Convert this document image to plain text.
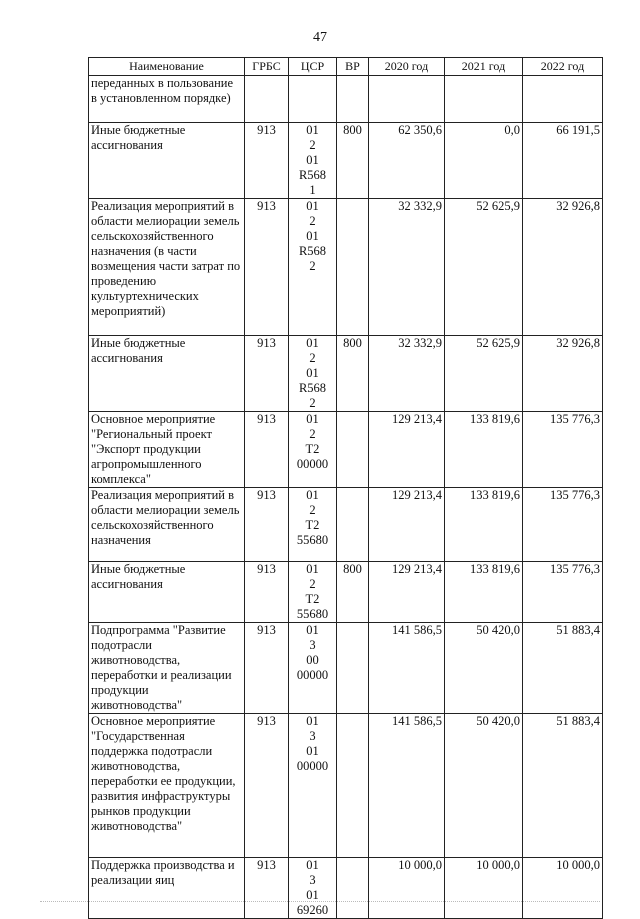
47
Наименование	ГРБС	ЦСР	ВР	2020 год	2021 год	2022 год
переданных в пользование в установленном порядке)						
Иные бюджетные ассигнования	913	01 2 01 R568 1	800	62 350,6	0,0	66 191,5
Реализация мероприятий в области мелиорации земель сельскохозяйственного назначения (в части возмещения части затрат по проведению культуртехнических мероприятий)	913	01 2 01 R568 2		32 332,9	52 625,9	32 926,8
Иные бюджетные ассигнования	913	01 2 01 R568 2	800	32 332,9	52 625,9	32 926,8
Основное мероприятие "Региональный проект "Экспорт продукции агропромышленного комплекса"	913	01 2 T2 00000		129 213,4	133 819,6	135 776,3
Реализация мероприятий в области мелиорации земель сельскохозяйственного назначения	913	01 2 T2 55680		129 213,4	133 819,6	135 776,3
Иные бюджетные ассигнования	913	01 2 T2 55680	800	129 213,4	133 819,6	135 776,3
Подпрограмма "Развитие подотрасли животноводства, переработки и реализации продукции животноводства"	913	01 3 00 00000		141 586,5	50 420,0	51 883,4
Основное мероприятие "Государственная поддержка подотрасли животноводства, переработки ее продукции, развития инфраструктуры рынков продукции животноводства"	913	01 3 01 00000		141 586,5	50 420,0	51 883,4
Поддержка производства и реализации яиц	913	01 3 01 69260		10 000,0	10 000,0	10 000,0
